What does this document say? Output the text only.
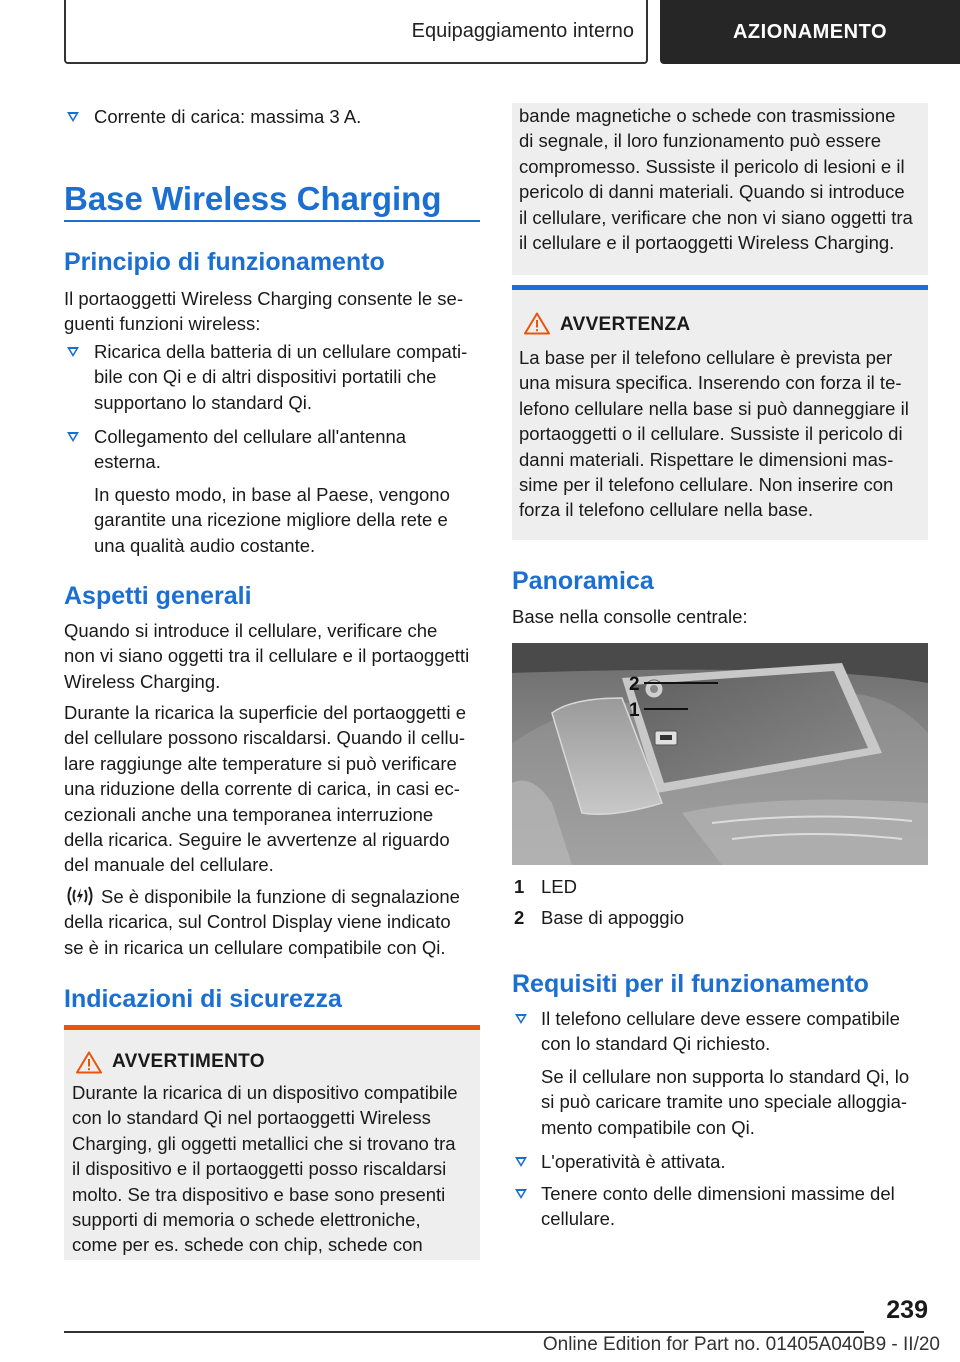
Equipaggiamento interno	AZIONAMENTO
Corrente di carica: massima 3 A.
Base Wireless Charging
Principio di funzionamento
Il portaoggetti Wireless Charging consente le se-
guenti funzioni wireless:
Ricarica della batteria di un cellulare compati-
bile con Qi e di altri dispositivi portatili che
supportano lo standard Qi.
Collegamento del cellulare all'antenna
esterna.
In questo modo, in base al Paese, vengono
garantite una ricezione migliore della rete e
una qualità audio costante.
Aspetti generali
Quando si introduce il cellulare, verificare che
non vi siano oggetti tra il cellulare e il portaoggetti
Wireless Charging.
Durante la ricarica la superficie del portaoggetti e
del cellulare possono riscaldarsi. Quando il cellu-
lare raggiunge alte temperature si può verificare
una riduzione della corrente di carica, in casi ec-
cezionali anche una temporanea interruzione
della ricarica. Seguire le avvertenze al riguardo
del manuale del cellulare.
Se è disponibile la funzione di segnalazione
della ricarica, sul Control Display viene indicato
se è in ricarica un cellulare compatibile con Qi.
Indicazioni di sicurezza
AVVERTIMENTO
Durante la ricarica di un dispositivo compatibile
con lo standard Qi nel portaoggetti Wireless
Charging, gli oggetti metallici che si trovano tra
il dispositivo e il portaoggetti posso riscaldarsi
molto. Se tra dispositivo e base sono presenti
supporti di memoria o schede elettroniche,
come per es. schede con chip, schede con
bande magnetiche o schede con trasmissione
di segnale, il loro funzionamento può essere
compromesso. Sussiste il pericolo di lesioni e il
pericolo di danni materiali. Quando si introduce
il cellulare, verificare che non vi siano oggetti tra
il cellulare e il portaoggetti Wireless Charging.
AVVERTENZA
La base per il telefono cellulare è prevista per
una misura specifica. Inserendo con forza il te-
lefono cellulare nella base si può danneggiare il
portaoggetti o il cellulare. Sussiste il pericolo di
danni materiali. Rispettare le dimensioni mas-
sime per il telefono cellulare. Non inserire con
forza il telefono cellulare nella base.
Panoramica
Base nella consolle centrale:
2
1
1 LED
2 Base di appoggio
Requisiti per il funzionamento
Il telefono cellulare deve essere compatibile
con lo standard Qi richiesto.
Se il cellulare non supporta lo standard Qi, lo
si può caricare tramite uno speciale alloggia-
mento compatibile con Qi.
L'operatività è attivata.
Tenere conto delle dimensioni massime del
cellulare.
239
Online Edition for Part no. 01405A040B9 - II/20
